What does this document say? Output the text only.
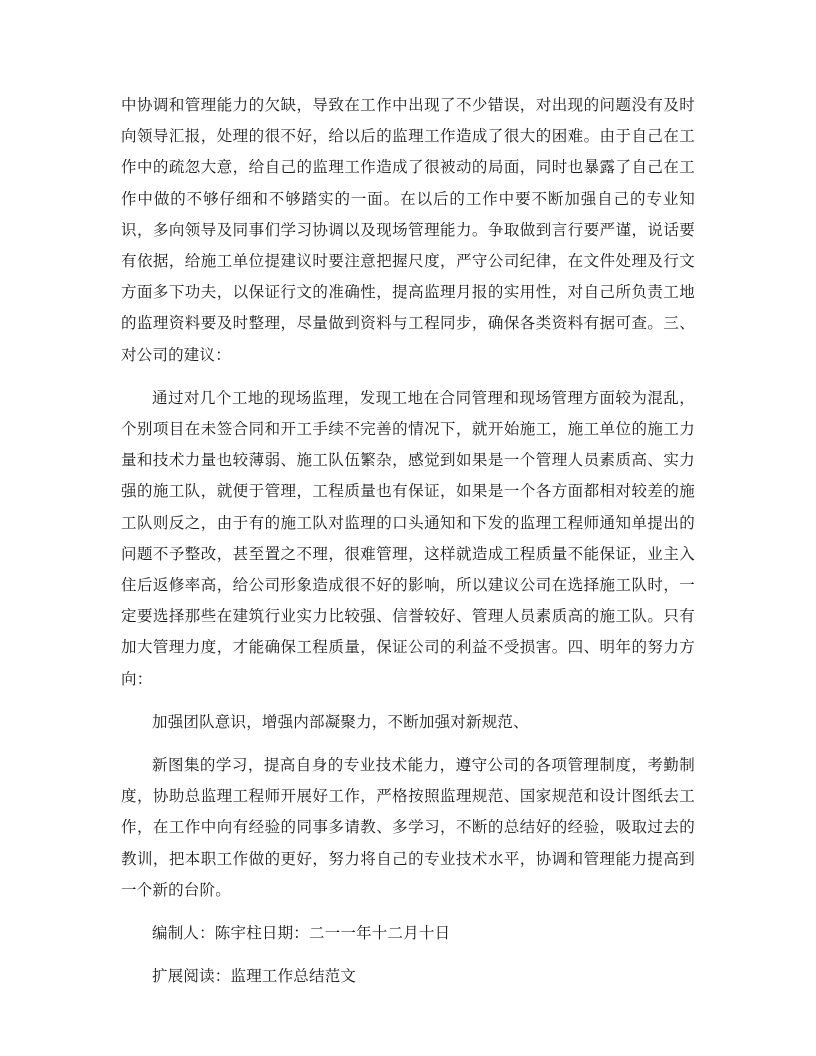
中协调和管理能力的欠缺，导致在工作中出现了不少错误，对出现的问题没有及时向领导汇报，处理的很不好，给以后的监理工作造成了很大的困难。由于自己在工作中的疏忽大意，给自己的监理工作造成了很被动的局面，同时也暴露了自己在工作中做的不够仔细和不够踏实的一面。在以后的工作中要不断加强自己的专业知识，多向领导及同事们学习协调以及现场管理能力。争取做到言行要严谨，说话要有依据，给施工单位提建议时要注意把握尺度，严守公司纪律，在文件处理及行文方面多下功夫，以保证行文的准确性，提高监理月报的实用性，对自己所负责工地的监理资料要及时整理，尽量做到资料与工程同步，确保各类资料有据可查。三、对公司的建议：

通过对几个工地的现场监理，发现工地在合同管理和现场管理方面较为混乱，个别项目在未签合同和开工手续不完善的情况下，就开始施工，施工单位的施工力量和技术力量也较薄弱、施工队伍繁杂，感觉到如果是一个管理人员素质高、实力强的施工队，就便于管理，工程质量也有保证，如果是一个各方面都相对较差的施工队则反之，由于有的施工队对监理的口头通知和下发的监理工程师通知单提出的问题不予整改，甚至置之不理，很难管理，这样就造成工程质量不能保证，业主入住后返修率高，给公司形象造成很不好的影响，所以建议公司在选择施工队时，一定要选择那些在建筑行业实力比较强、信誉较好、管理人员素质高的施工队。只有加大管理力度，才能确保工程质量，保证公司的利益不受损害。四、明年的努力方向：

加强团队意识，增强内部凝聚力，不断加强对新规范、

新图集的学习，提高自身的专业技术能力，遵守公司的各项管理制度，考勤制度，协助总监理工程师开展好工作，严格按照监理规范、国家规范和设计图纸去工作，在工作中向有经验的同事多请教、多学习，不断的总结好的经验，吸取过去的教训，把本职工作做的更好，努力将自己的专业技术水平，协调和管理能力提高到一个新的台阶。

编制人：陈宇柱日期：二一一年十二月十日

扩展阅读：监理工作总结范文
